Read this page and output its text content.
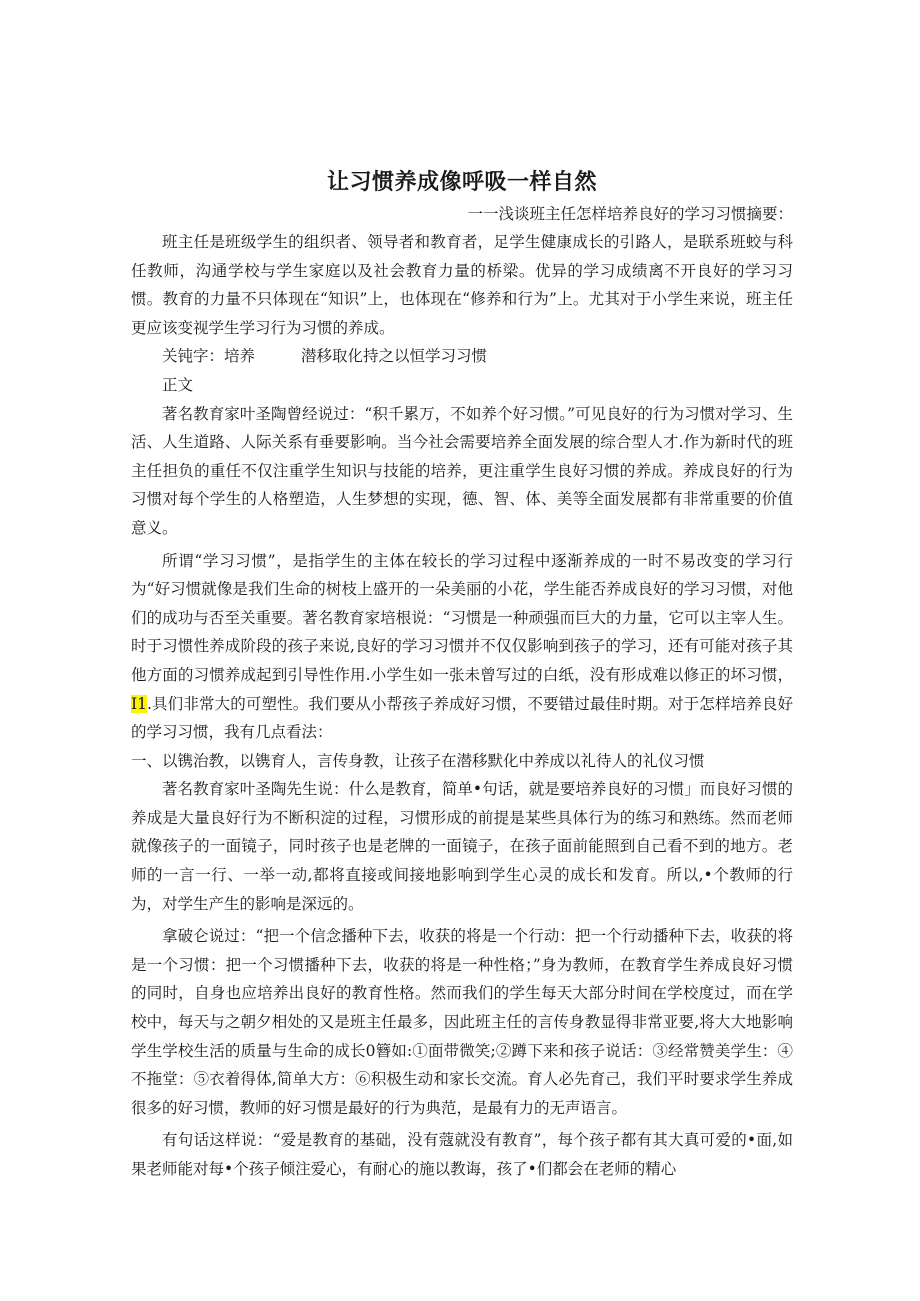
让习惯养成像呼吸一样自然

一一浅谈班主任怎样培养良好的学习习惯摘要：

班主任是班级学生的组织者、领导者和教育者，足学生健康成长的引路人，是联系班蛟与科任教师，沟通学校与学生家庭以及社会教育力量的桥梁。优异的学习成绩离不开良好的学习习惯。教育的力量不只体现在“知识”上，也体现在“修养和行为”上。尤其对于小学生来说，班主任更应该变视学生学习行为习惯的养成。

关钝字：培养	潜移取化持之以恒学习习惯

正文

著名教育家叶圣陶曾经说过：“积千累万，不如养个好习惯。”可见良好的行为习惯对学习、生活、人生道路、人际关系有垂要影响。当今社会需要培养全面发展的综合型人才.作为新时代的班主任担负的重任不仅注重学生知识与技能的培养，更注重学生良好习惯的养成。养成良好的行为习惯对每个学生的人格塑造，人生梦想的实现，德、智、体、美等全面发展都有非常重要的价值意义。

所谓“学习习惯”，是指学生的主体在较长的学习过程中逐渐养成的一时不易改变的学习行为“好习惯就像是我们生命的树枝上盛开的一朵美丽的小花，学生能否养成良好的学习习惯，对他们的成功与否至关重要。著名教育家培根说：“习惯是一种顽强而巨大的力量，它可以主宰人生。时于习惯性养成阶段的孩子来说,良好的学习习惯并不仅仅影响到孩子的学习，还有可能对孩子其他方面的习惯养成起到引导性作用.小学生如一张未曾写过的白纸，没有形成难以修正的坏习惯，I1.具们非常大的可塑性。我们要从小帮孩子养成好习惯，不要错过最佳时期。对于怎样培养良好的学习习惯，我有几点看法：

一、以镌治教，以镌育人，言传身教，让孩子在潜移默化中养成以礼待人的礼仪习惯

著名教育家叶圣陶先生说：什么是教育，简单•句话，就是要培养良好的习惯」而良好习惯的养成是大量良好行为不断积淀的过程，习惯形成的前提是某些具体行为的练习和熟练。然而老师就像孩子的一面镜子，同时孩子也是老牌的一面镜子，在孩子面前能照到自己看不到的地方。老师的一言一行、一举一动,都将直接或间接地影响到学生心灵的成长和发育。所以,•个教师的行为，对学生产生的影响是深远的。

拿破仑说过：“把一个信念播种下去，收获的将是一个行动：把一个行动播种下去，收获的将是一个习惯：把一个习惯播种下去，收获的将是一种性格；”身为教师，在教育学生养成良好习惯的同时，自身也应培养出良好的教育性格。然而我们的学生每天大部分时间在学校度过，而在学校中，每天与之朝夕相处的又是班主任最多，因此班主任的言传身教显得非常亚要,将大大地影响学生学校生活的质量与生命的成长0簪如:①面带微笑;②蹲下来和孩子说话：③经常赞美学生：④不拖堂：⑤衣着得体,简单大方：⑥积极生动和家长交流。育人必先育己，我们平时要求学生养成很多的好习惯，教师的好习惯是最好的行为典范，是最有力的无声语言。

有句话这样说：“爱是教育的基础，没有蔻就没有教育”，每个孩子都有其大真可爱的•面,如果老师能对每•个孩子倾注爱心，有耐心的施以教诲，孩了•们都会在老师的精心
